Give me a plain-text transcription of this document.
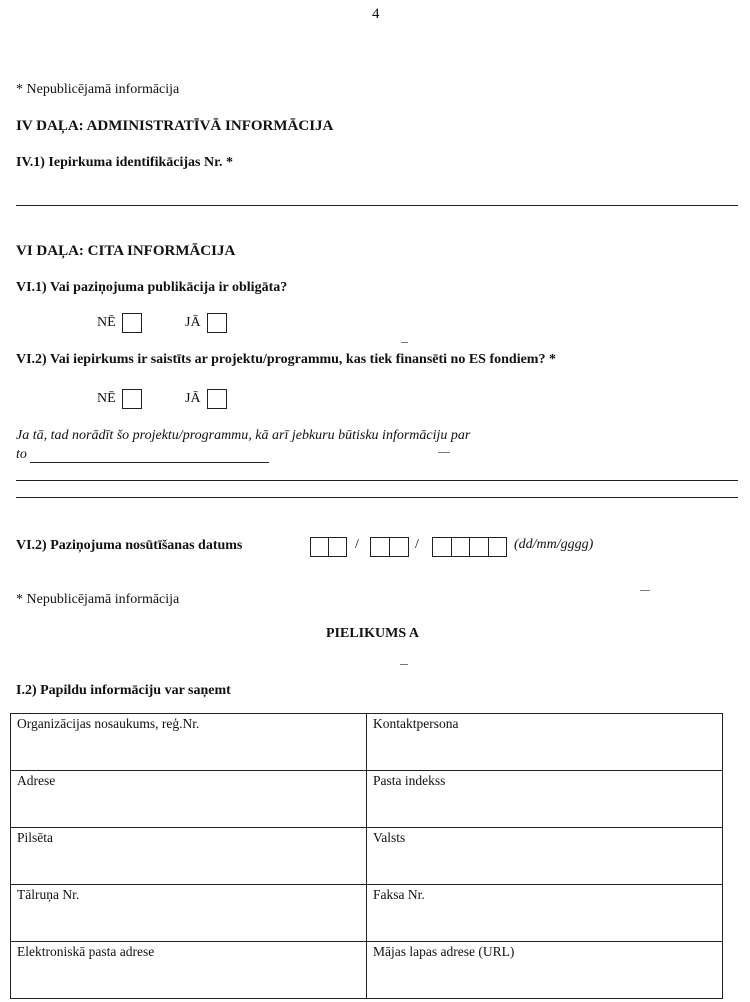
4
* Nepublicējamā informācija
IV DAĻA: ADMINISTRATĪVĀ INFORMĀCIJA
IV.1) Iepirkuma identifikācijas Nr. *
VI DAĻA: CITA INFORMĀCIJA
VI.1) Vai paziņojuma publikācija ir obligāta?
NĒ	JĀ
VI.2) Vai iepirkums ir saistīts ar projektu/programmu, kas tiek finansēti no ES fondiem? *
NĒ	JĀ
Ja tā, tad norādīt šo projektu/programmu, kā arī jebkuru būtisku informāciju par
to
VI.2) Paziņojuma nosūtīšanas datums	/	/	(dd/mm/gggg)
* Nepublicējamā informācija
PIELIKUMS A
I.2) Papildu informāciju var saņemt
Organizācijas nosaukums, reģ.Nr.	Kontaktpersona
Adrese	Pasta indekss
Pilsēta	Valsts
Tālruņa Nr.	Faksa Nr.
Elektroniskā pasta adrese	Mājas lapas adrese (URL)
